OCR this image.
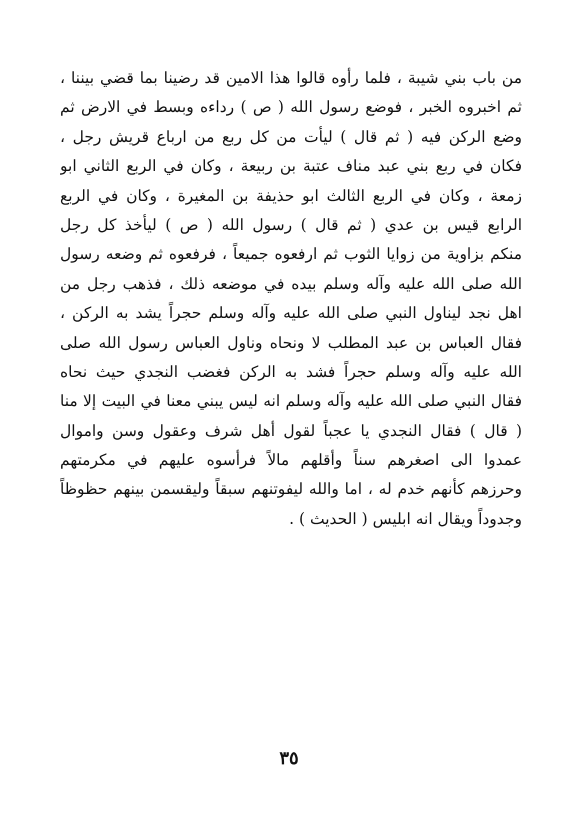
من باب بني شيبة ، فلما رأوه قالوا هذا الامين قد رضينا بما قضي بيننا ،
ثم اخبروه الخبر ، فوضع رسول الله ( ص ) رداءه وبسط في الارض ثم
وضع الركن فيه ( ثم قال ) ليأت من كل ربع من ارباع قريش رجل ،
فكان في ربع بني عبد مناف عتبة بن ربيعة ، وكان في الربع الثاني ابو
زمعة ، وكان في الربع الثالث ابو حذيفة بن المغيرة ، وكان في الربع
الرابع قيس بن عدي ( ثم قال ) رسول الله ( ص ) ليأخذ كل رجل
منكم بزاوية من زوايا الثوب ثم ارفعوه جميعاً ، فرفعوه ثم وضعه رسول
الله صلى الله عليه وآله وسلم بيده في موضعه ذلك ، فذهب رجل من
اهل نجد ليناول النبي صلى الله عليه وآله وسلم حجراً يشد به الركن ،
فقال العباس بن عبد المطلب لا ونحاه وناول العباس رسول الله صلى
الله عليه وآله وسلم حجراً فشد به الركن فغضب النجدي حيث نحاه
فقال النبي صلى الله عليه وآله وسلم انه ليس يبني معنا في البيت إلا منا
( قال ) فقال النجدي يا عجباً لقول أهل شرف وعقول وسن واموال
عمدوا الى اصغرهم سناً وأقلهم مالاً فرأسوه عليهم في مكرمتهم
وحرزهم كأنهم خدم له ، اما والله ليفوتنهم سبقاً وليقسمن بينهم حظوظاً
وجدوداً ويقال انه ابليس ( الحديث ) .
٣٥
